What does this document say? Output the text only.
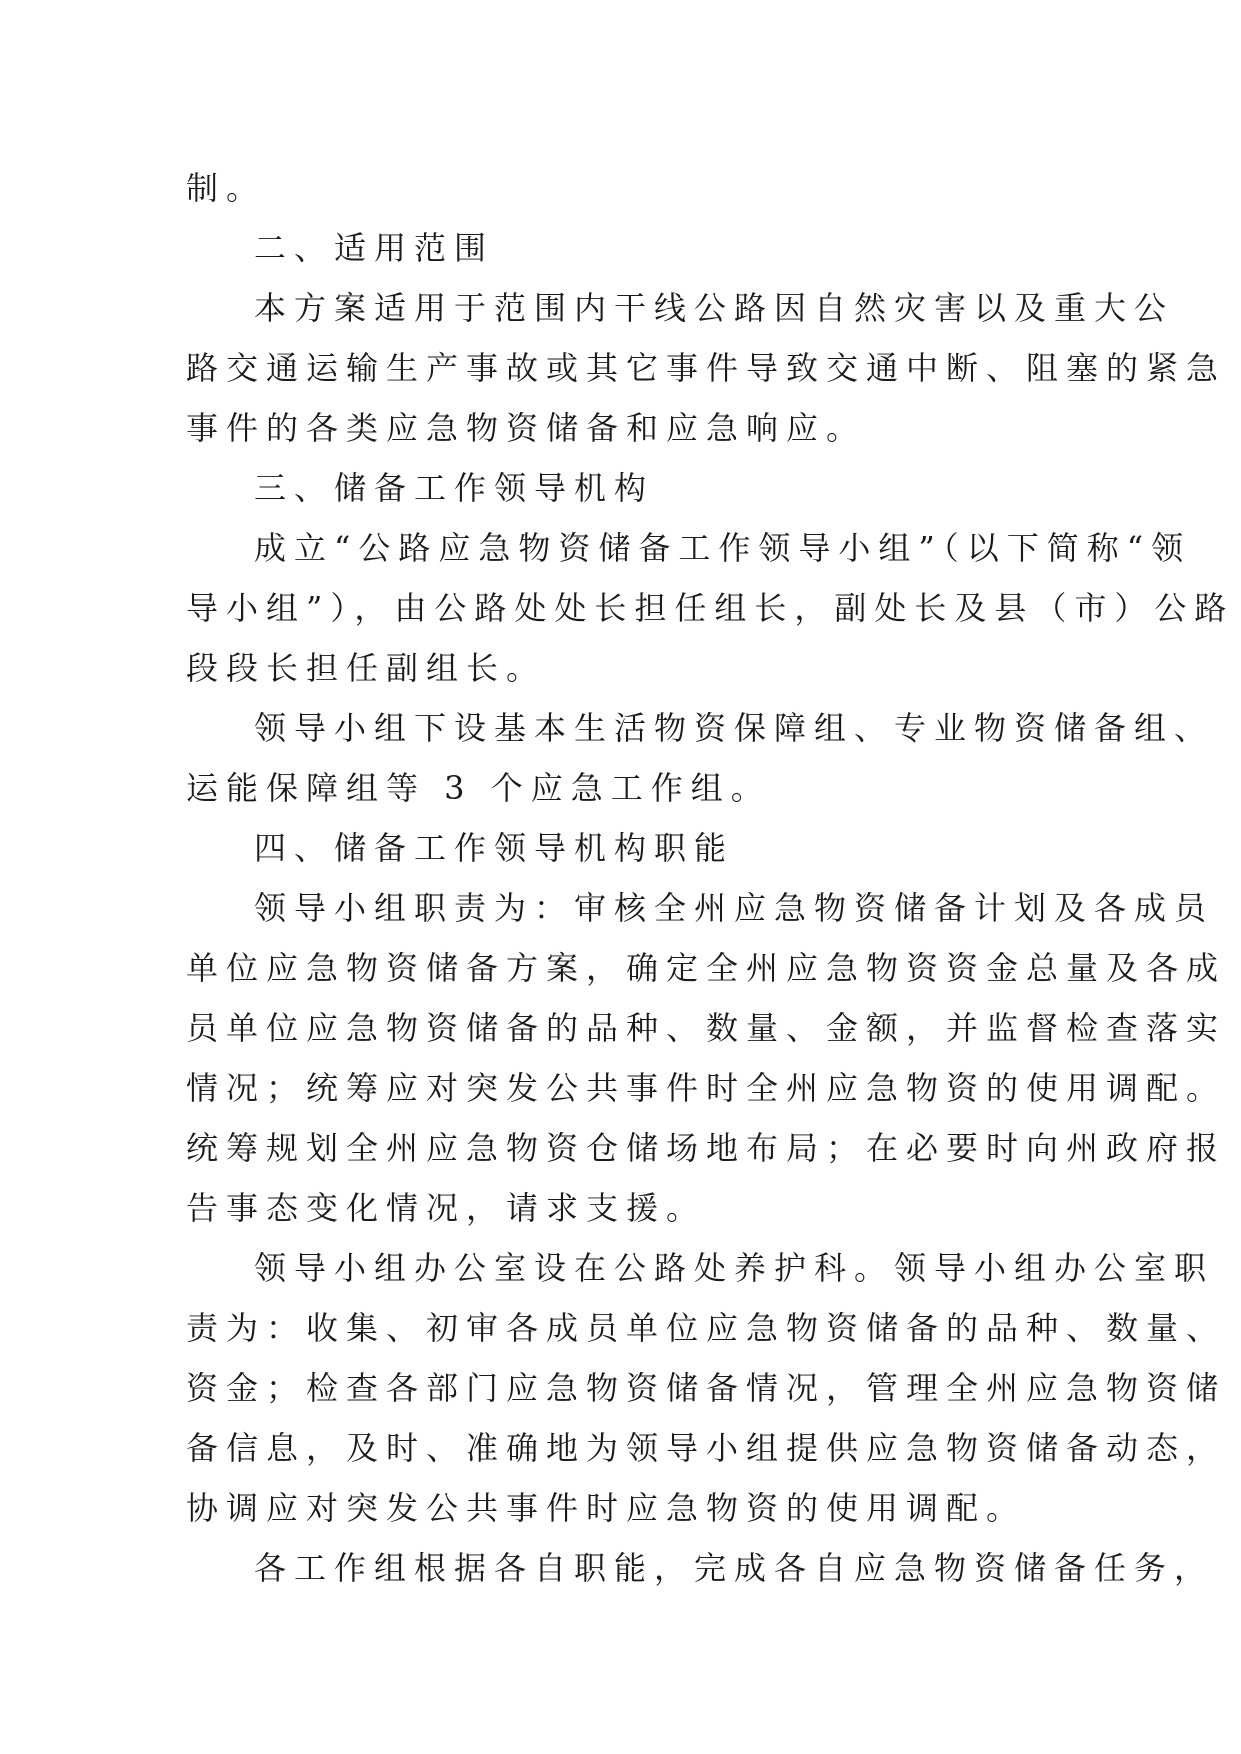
制。
二、适用范围
本方案适用于范围内干线公路因自然灾害以及重大公
路交通运输生产事故或其它事件导致交通中断、阻塞的紧急
事件的各类应急物资储备和应急响应。
三、储备工作领导机构
成立“公路应急物资储备工作领导小组”（以下简称“领
导小组”），由公路处处长担任组长，副处长及县（市）公路
段段长担任副组长。
领导小组下设基本生活物资保障组、专业物资储备组、
运能保障组等 3 个应急工作组。
四、储备工作领导机构职能
领导小组职责为：审核全州应急物资储备计划及各成员
单位应急物资储备方案，确定全州应急物资资金总量及各成
员单位应急物资储备的品种、数量、金额，并监督检查落实
情况；统筹应对突发公共事件时全州应急物资的使用调配。
统筹规划全州应急物资仓储场地布局；在必要时向州政府报
告事态变化情况，请求支援。
领导小组办公室设在公路处养护科。领导小组办公室职
责为：收集、初审各成员单位应急物资储备的品种、数量、
资金；检查各部门应急物资储备情况，管理全州应急物资储
备信息，及时、准确地为领导小组提供应急物资储备动态，
协调应对突发公共事件时应急物资的使用调配。
各工作组根据各自职能，完成各自应急物资储备任务，
